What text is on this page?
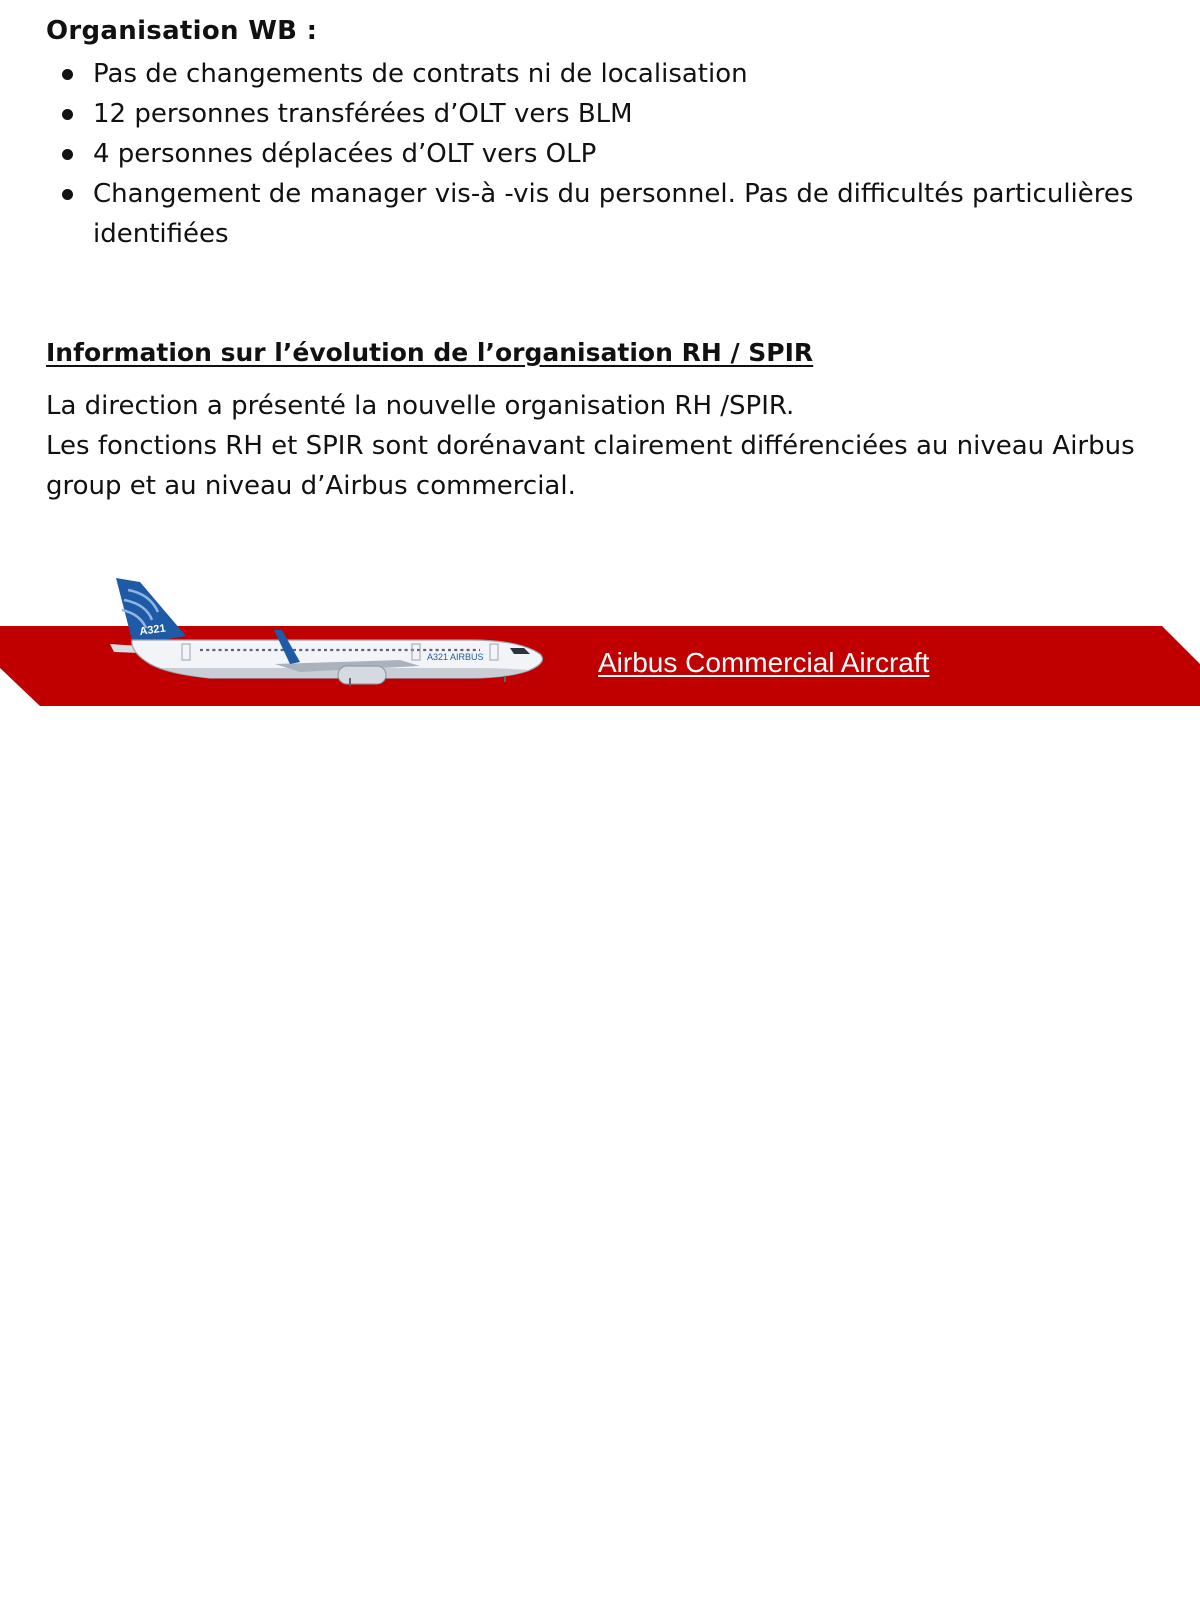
Organisation WB :
Pas de changements de contrats ni de localisation
12 personnes transférées d’OLT vers BLM
4 personnes déplacées d’OLT vers OLP
Changement de manager vis-à -vis du personnel. Pas de difficultés particulières identifiées
Information sur l’évolution de l’organisation RH / SPIR

La direction a présenté la nouvelle organisation RH /SPIR.

Les fonctions RH et SPIR sont dorénavant clairement différenciées au niveau Airbus group et au niveau d’Airbus commercial.

A321
A321 AIRBUS	Airbus Commercial Aircraft
